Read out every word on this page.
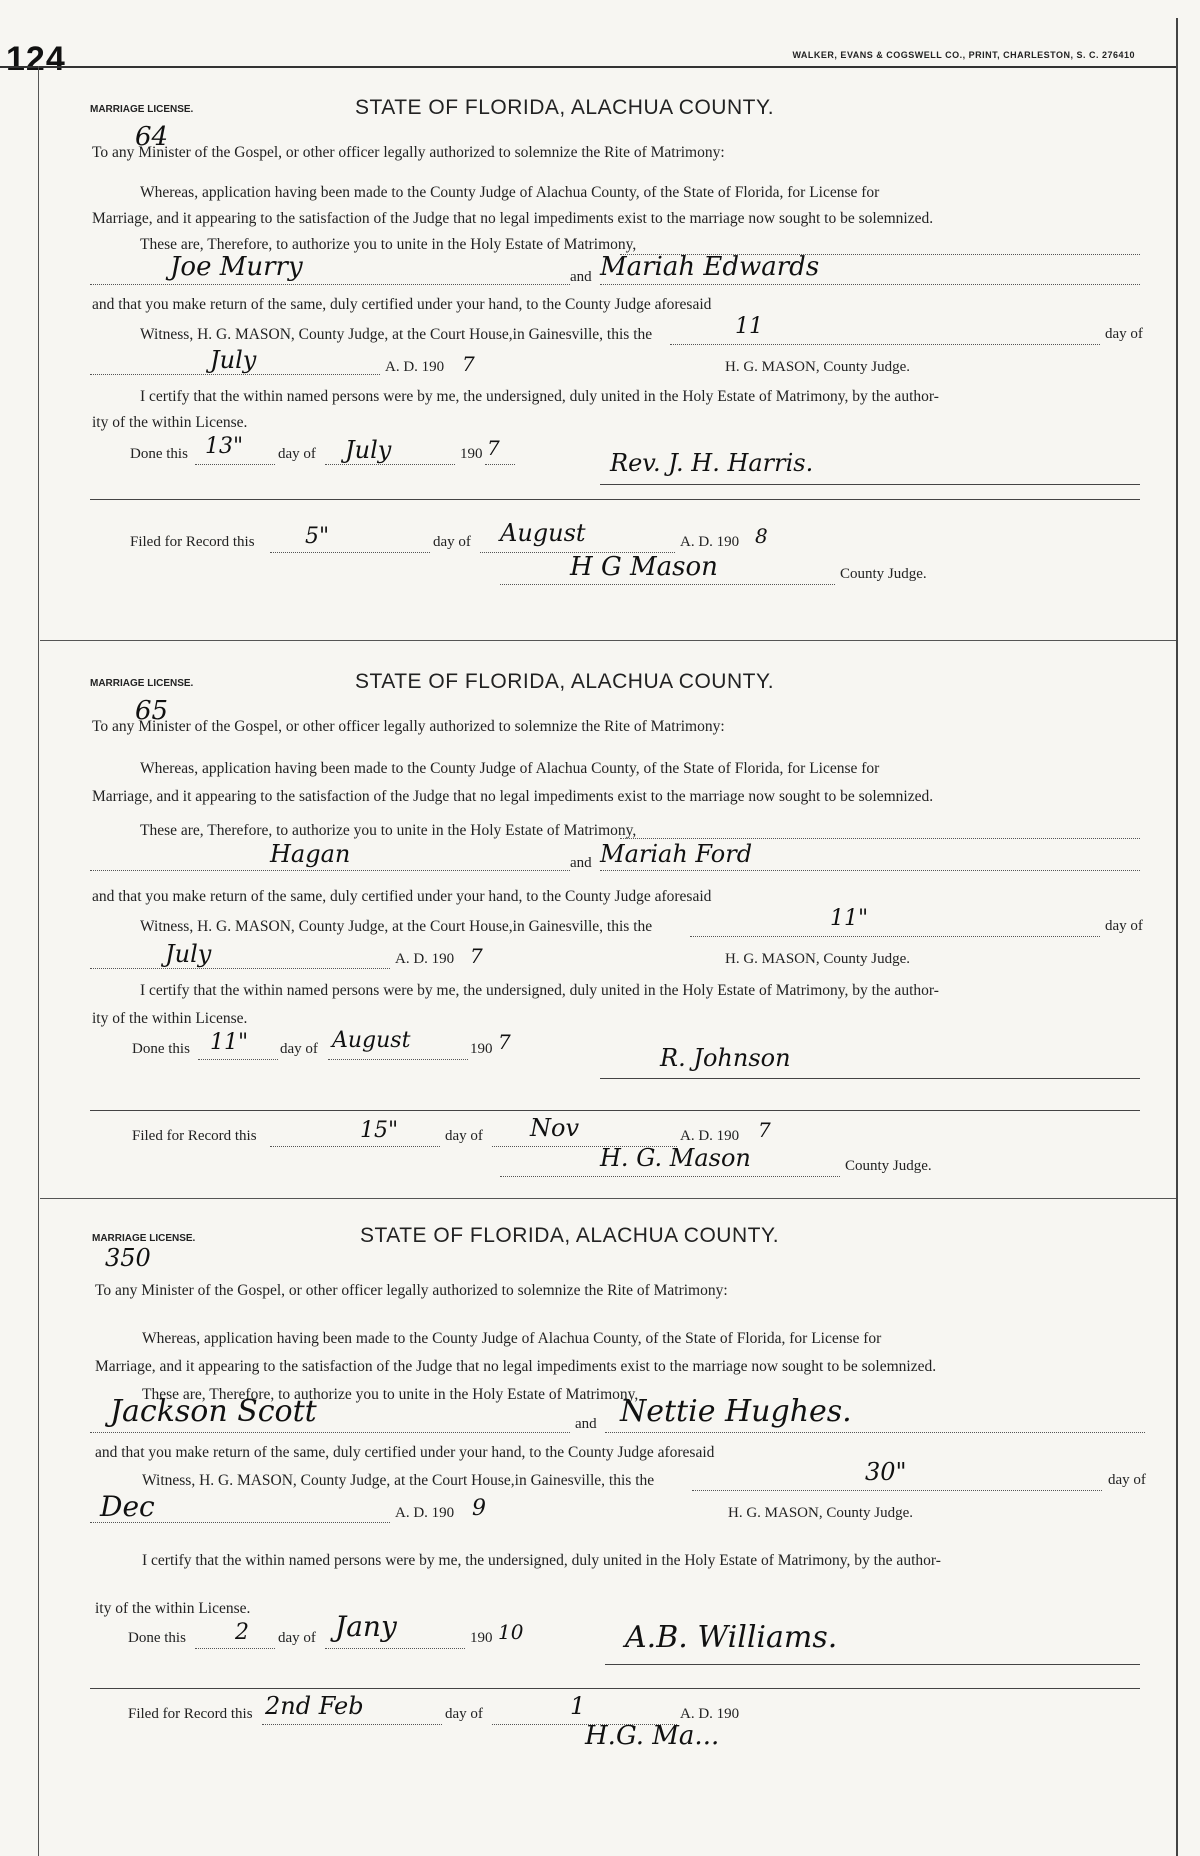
124	WALKER, EVANS & COGSWELL CO., PRINT, CHARLESTON, S. C. 276410
MARRIAGE LICENSE.	STATE OF FLORIDA, ALACHUA COUNTY.
64
To any Minister of the Gospel, or other officer legally authorized to solemnize the Rite of Matrimony:
Whereas, application having been made to the County Judge of Alachua County, of the State of Florida, for License for
Marriage, and it appearing to the satisfaction of the Judge that no legal impediments exist to the marriage now sought to be solemnized.
These are, Therefore, to authorize you to unite in the Holy Estate of Matrimony,
Joe Murry	and Mariah Edwards
and that you make return of the same, duly certified under your hand, to the County Judge aforesaid
Witness, H. G. MASON, County Judge, at the Court House,in Gainesville, this the	11	day of
July	A. D. 190 7	H. G. MASON, County Judge.
I certify that the within named persons were by me, the undersigned, duly united in the Holy Estate of Matrimony, by the author-
ity of the within License.
Done this 13" day of July	190 7
Rev. J. H. Harris.
Filed for Record this 5"	day of August	A. D. 190 8
H G Mason	County Judge.
MARRIAGE LICENSE.	STATE OF FLORIDA, ALACHUA COUNTY.
65
To any Minister of the Gospel, or other officer legally authorized to solemnize the Rite of Matrimony:
Whereas, application having been made to the County Judge of Alachua County, of the State of Florida, for License for
Marriage, and it appearing to the satisfaction of the Judge that no legal impediments exist to the marriage now sought to be solemnized.
These are, Therefore, to authorize you to unite in the Holy Estate of Matrimony,
Hagan	and Mariah Ford
and that you make return of the same, duly certified under your hand, to the County Judge aforesaid
Witness, H. G. MASON, County Judge, at the Court House,in Gainesville, this the	11"	day of
July	A. D. 190 7	H. G. MASON, County Judge.
I certify that the within named persons were by me, the undersigned, duly united in the Holy Estate of Matrimony, by the author-
ity of the within License.
Done this 11" day of August	190 7
R. Johnson
Filed for Record this	15"	day of Nov	A. D. 190 7
H. G. Mason	County Judge.
MARRIAGE LICENSE.	STATE OF FLORIDA, ALACHUA COUNTY.
350
To any Minister of the Gospel, or other officer legally authorized to solemnize the Rite of Matrimony:
Whereas, application having been made to the County Judge of Alachua County, of the State of Florida, for License for
Marriage, and it appearing to the satisfaction of the Judge that no legal impediments exist to the marriage now sought to be solemnized.
These are, Therefore, to authorize you to unite in the Holy Estate of Matrimony,
Jackson Scott	and Nettie Hughes.
and that you make return of the same, duly certified under your hand, to the County Judge aforesaid
Witness, H. G. MASON, County Judge, at the Court House,in Gainesville, this the	30"	day of
Dec	A. D. 190 9	H. G. MASON, County Judge.
I certify that the within named persons were by me, the undersigned, duly united in the Holy Estate of Matrimony, by the author-
ity of the within License.
Done this 2 day of Jany	190 10	A.B. Williams.
Filed for Record this 2nd Feb	day of	1	A. D. 190
H.G. Ma...
